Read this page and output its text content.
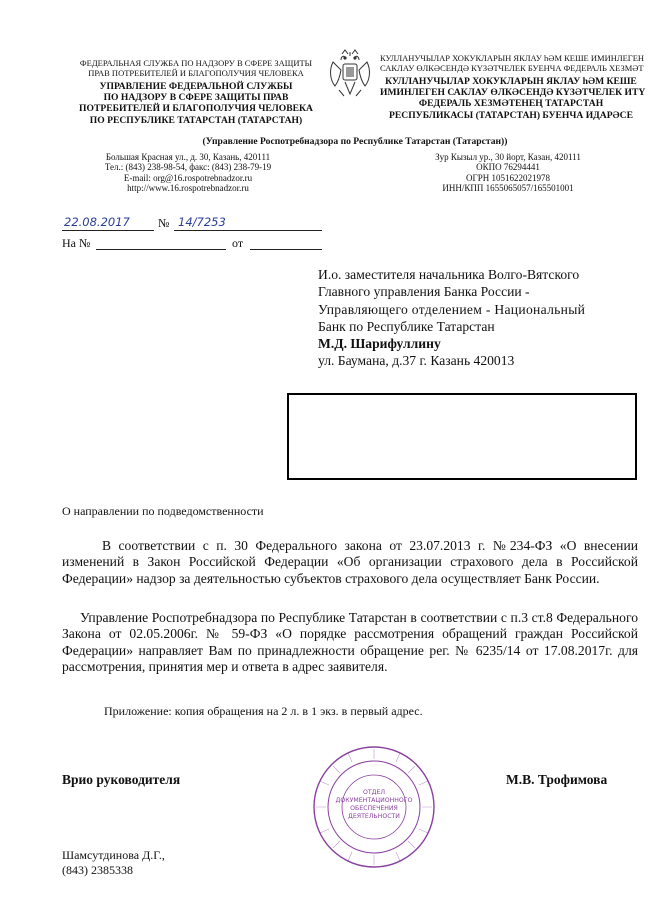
ФЕДЕРАЛЬНАЯ СЛУЖБА ПО НАДЗОРУ В СФЕРЕ ЗАЩИТЫ
ПРАВ ПОТРЕБИТЕЛЕЙ И БЛАГОПОЛУЧИЯ ЧЕЛОВЕКА
УПРАВЛЕНИЕ ФЕДЕРАЛЬНОЙ СЛУЖБЫ
ПО НАДЗОРУ В СФЕРЕ ЗАЩИТЫ ПРАВ
ПОТРЕБИТЕЛЕЙ И БЛАГОПОЛУЧИЯ ЧЕЛОВЕКА
ПО РЕСПУБЛИКЕ ТАТАРСТАН (ТАТАРСТАН)
КУЛЛАНУЧЫЛАР ХОКУКЛАРЫН ЯКЛАУ һӘМ КЕШЕ ИМИНЛЕГЕН
САКЛАУ ӨЛКӘСЕНДӘ КҮЗӘТЧЕЛЕК БУЕНЧА ФЕДЕРАЛЬ ХЕЗМӘТ
КУЛЛАНУЧЫЛАР ХОКУКЛАРЫН ЯКЛАУ һӘМ КЕШЕ
ИМИНЛЕГЕН САКЛАУ ӨЛКӘСЕНДӘ КҮЗӘТЧЕЛЕК ИТҮ
ФЕДЕРАЛЬ ХЕЗМӘТЕНЕҢ ТАТАРСТАН
РЕСПУБЛИКАСЫ (ТАТАРСТАН) БУЕНЧА ИДАРӘСЕ
(Управление Роспотребнадзора по Республике Татарстан (Татарстан))
Большая Красная ул., д. 30, Казань, 420111
Тел.: (843) 238-98-54, факс: (843) 238-79-19
E-mail: org@16.rospotrebnadzor.ru
http://www.16.rospotrebnadzor.ru
Зур Кызыл ур., 30 йорт, Казан, 420111
ОКПО 76294441
ОГРН 1051622021978
ИНН/КПП 1655065057/165501001
22.08.2017 № 14/7253
На №	от
И.о. заместителя начальника Волго-Вятского
Главного управления Банка России -
Управляющего отделением - Национальный
Банк по Республике Татарстан
М.Д. Шарифуллину
ул. Баумана, д.37 г. Казань 420013
О направлении по подведомственности
В соответствии с п. 30 Федерального закона от 23.07.2013 г. №234-ФЗ «О внесении изменений в Закон Российской Федерации «Об организации страхового дела в Российской Федерации» надзор за деятельностью субъектов страхового дела осуществляет Банк России.
Управление Роспотребнадзора по Республике Татарстан в соответствии с п.3 ст.8 Федерального Закона от 02.05.2006г. № 59-ФЗ «О порядке рассмотрения обращений граждан Российской Федерации» направляет Вам по принадлежности обращение рег. № 6235/14 от 17.08.2017г. для рассмотрения, принятия мер и ответа в адрес заявителя.
Приложение: копия обращения на 2 л. в 1 экз. в первый адрес.
Врио руководителя	М.В. Трофимова
ОТДЕЛ
ДОКУМЕНТАЦИОННОГО
ОБЕСПЕЧЕНИЯ
ДЕЯТЕЛЬНОСТИ
Шамсутдинова Д.Г.,
(843) 2385338
